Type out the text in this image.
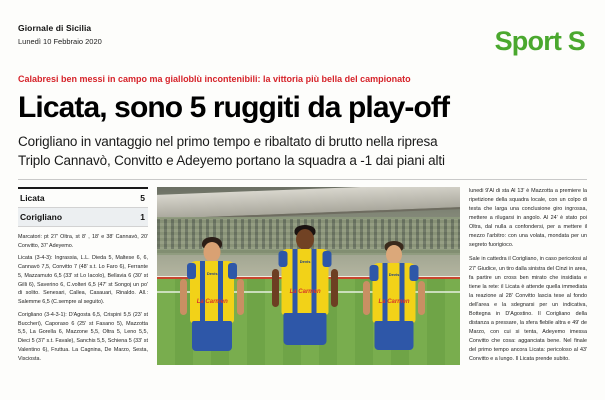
Giornale di Sicilia
Lunedì 10 Febbraio 2020	Sport S
Calabresi ben messi in campo ma gialloblù incontenibili: la vittoria più bella del campionato
Licata, sono 5 ruggiti da play-off
Corigliano in vantaggio nel primo tempo e ribaltato di brutto nella ripresa
Triplo Cannavò, Convitto e Adeyemo portano la squadra a -1 dai piani alti
Licata	5
Corigliano	1

Marcatori: pt 27' Oltra, st 8' , 18' e 38' Cannavò, 20' Convitto, 37' Adeyemo.

Licata (3-4-3): Ingrassia, L.L. Dieda 5, Maltese 6, 6, Cannavò 7,5, Convitto 7 (48' s.t. Lo Faro 6), Ferrante 5, Mazzamuto 6,5 (33' st Lo Iacolo), Bellavia 6 (30' st Gilli 6), Saverino 6, C.volteri 6,5 (47' st Songoj un po' di solito. Senesari, Callea, Casauari, Rinaldo. All.: Salemme 6,5 (C.sempre al seguito).

Corigliano (3-4-3-1): D'Agosta 6,5, Crispini 5,5 (23' st Buccheri), Caporaso 6 (25' st Fasano 5), Mazzotta 5,5, La Gorella 6, Mazzone 5,5, Oltra 5, Leno 5,5, Dieci 5 (37' s.t. Favale), Sanchis 5,5, Schiena 5 (33' st Valentino 6), Fruttua. La Cagnina, De Marzo, Sesta, Visciosta.

Devis
La Carmen
Devis
La Carmen
Devis
La Carmen

lunedi 9'Al di sta Al 13' è Mazzotta a premiere la ripetizione della squadra locale, con un colpo di testa che larga una conclusione giro ingrossa, mettere a rilugarsi in angolo. Al 24' è stato poi Oltra, dal nulla a confondersi, per a mettere il mezzo l'arbitro: con una volata, mondata per un segreto fuorigioco.

Sale in cattedra il Corigliano, in caso pericolosi al 27' Giudice, un tiro dalla sinistra del Cinzi in area, fa partire un cross ben mirato che insidiata e tiene la rete: il Licata è attende quella immediata la reazione al 28' Convitto lascia tese al fondo dell'area e la sdegnarsi per un indicativa, Bottegna in D'Agostino. Il Corigliano della distanza a pressare, la sfera flebile altra e 49' de Marzo, con cui si tenta, Adeyemo imessa Convitto che cosa: agganciata bene. Nel finale del primo tempo ancora Licata: pericoloso al 43' Convitto e a lungo. Il Licata prende subito.
